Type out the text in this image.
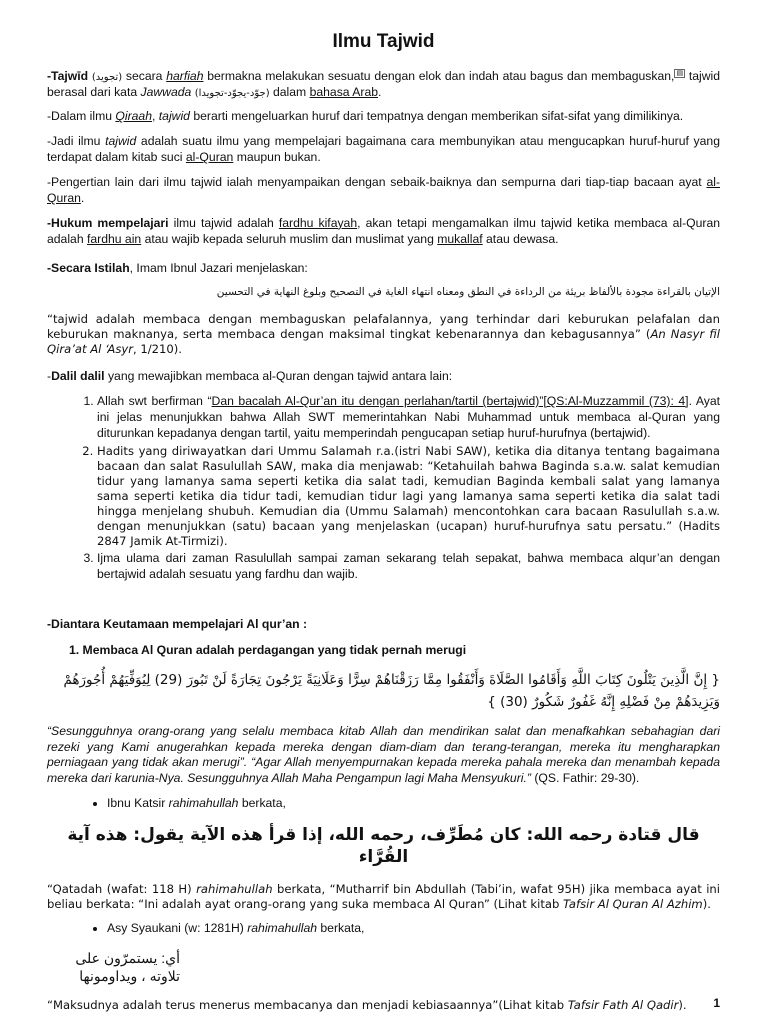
Ilmu Tajwid

-Tajwīd (تجويد) secara harfiah bermakna melakukan sesuatu dengan elok dan indah atau bagus dan membaguskan, ▤ tajwid berasal dari kata Jawwada (جوّد-يجوّد-تجويدا) dalam bahasa Arab.

-Dalam ilmu Qiraah, tajwid berarti mengeluarkan huruf dari tempatnya dengan memberikan sifat-sifat yang dimilikinya.

-Jadi ilmu tajwid adalah suatu ilmu yang mempelajari bagaimana cara membunyikan atau mengucapkan huruf-huruf yang terdapat dalam kitab suci al-Quran maupun bukan.

-Pengertian lain dari ilmu tajwid ialah menyampaikan dengan sebaik-baiknya dan sempurna dari tiap-tiap bacaan ayat al-Quran.

-Hukum mempelajari ilmu tajwid adalah fardhu kifayah, akan tetapi mengamalkan ilmu tajwid ketika membaca al-Quran adalah fardhu ain atau wajib kepada seluruh muslim dan muslimat yang mukallaf atau dewasa.

-Secara Istilah, Imam Ibnul Jazari menjelaskan:

الإتيان بالقراءة مجودة بالألفاظ بريئة من الرداءة في النطق ومعناه انتهاء الغاية في التصحيح وبلوغ النهاية في التحسين

“tajwid adalah membaca dengan membaguskan pelafalannya, yang terhindar dari keburukan pelafalan dan keburukan maknanya, serta membaca dengan maksimal tingkat kebenarannya dan kebagusannya” (An Nasyr fil Qira’at Al ‘Asyr, 1/210).

-Dalil dalil yang mewajibkan membaca al-Quran dengan tajwid antara lain:

1. Allah swt berfirman “Dan bacalah Al-Qur’an itu dengan perlahan/tartil (bertajwid)”[QS:Al-Muzzammil (73): 4]. Ayat ini jelas menunjukkan bahwa Allah SWT memerintahkan Nabi Muhammad untuk membaca al-Quran yang diturunkan kepadanya dengan tartil, yaitu memperindah pengucapan setiap huruf-hurufnya (bertajwid).
2. Hadits yang diriwayatkan dari Ummu Salamah r.a.(istri Nabi SAW), ketika dia ditanya tentang bagaimana bacaan dan salat Rasulullah SAW, maka dia menjawab: “Ketahuilah bahwa Baginda s.a.w. salat kemudian tidur yang lamanya sama seperti ketika dia salat tadi, kemudian Baginda kembali salat yang lamanya sama seperti ketika dia tidur tadi, kemudian tidur lagi yang lamanya sama seperti ketika dia salat tadi hingga menjelang shubuh. Kemudian dia (Ummu Salamah) mencontohkan cara bacaan Rasulullah s.a.w. dengan menunjukkan (satu) bacaan yang menjelaskan (ucapan) huruf-hurufnya satu persatu.” (Hadits 2847 Jamik At-Tirmizi).
3. Ijma ulama dari zaman Rasulullah sampai zaman sekarang telah sepakat, bahwa membaca alqur’an dengan bertajwid adalah sesuatu yang fardhu dan wajib.

-Diantara Keutamaan mempelajari Al qur’an :

1. Membaca Al Quran adalah perdagangan yang tidak pernah merugi

{ إِنَّ الَّذِينَ يَتْلُونَ كِتَابَ اللَّهِ وَأَقَامُوا الصَّلَاةَ وَأَنْفَقُوا مِمَّا رَزَقْنَاهُمْ سِرًّا وَعَلَانِيَةً يَرْجُونَ تِجَارَةً لَنْ تَبُورَ (29) لِيُوَفِّيَهُمْ أُجُورَهُمْ وَيَزِيدَهُمْ مِنْ فَضْلِهِ إِنَّهُ غَفُورٌ شَكُورٌ (30) }

“Sesungguhnya orang-orang yang selalu membaca kitab Allah dan mendirikan salat dan menafkahkan sebahagian dari rezeki yang Kami anugerahkan kepada mereka dengan diam-diam dan terang-terangan, mereka itu mengharapkan perniagaan yang tidak akan merugi”. “Agar Allah menyempurnakan kepada mereka pahala mereka dan menambah kepada mereka dari karunia-Nya. Sesungguhnya Allah Maha Pengampun lagi Maha Mensyukuri.” (QS. Fathir: 29-30).

• Ibnu Katsir rahimahullah berkata,

قال قتادة رحمه الله: كان مُطَرِّف، رحمه الله، إذا قرأ هذه الآية يقول: هذه آية القُرَّاء

“Qatadah (wafat: 118 H) rahimahullah berkata, “Mutharrif bin Abdullah (Tabi’in, wafat 95H) jika membaca ayat ini beliau berkata: “Ini adalah ayat orang-orang yang suka membaca Al Quran” (Lihat kitab Tafsir Al Quran Al Azhim).

• Asy Syaukani (w: 1281H) rahimahullah berkata,

أي: يستمرّون على تلاوته ، ويداومونها

“Maksudnya adalah terus menerus membacanya dan menjadi kebiasaannya”(Lihat kitab Tafsir Fath Al Qadir).	1
